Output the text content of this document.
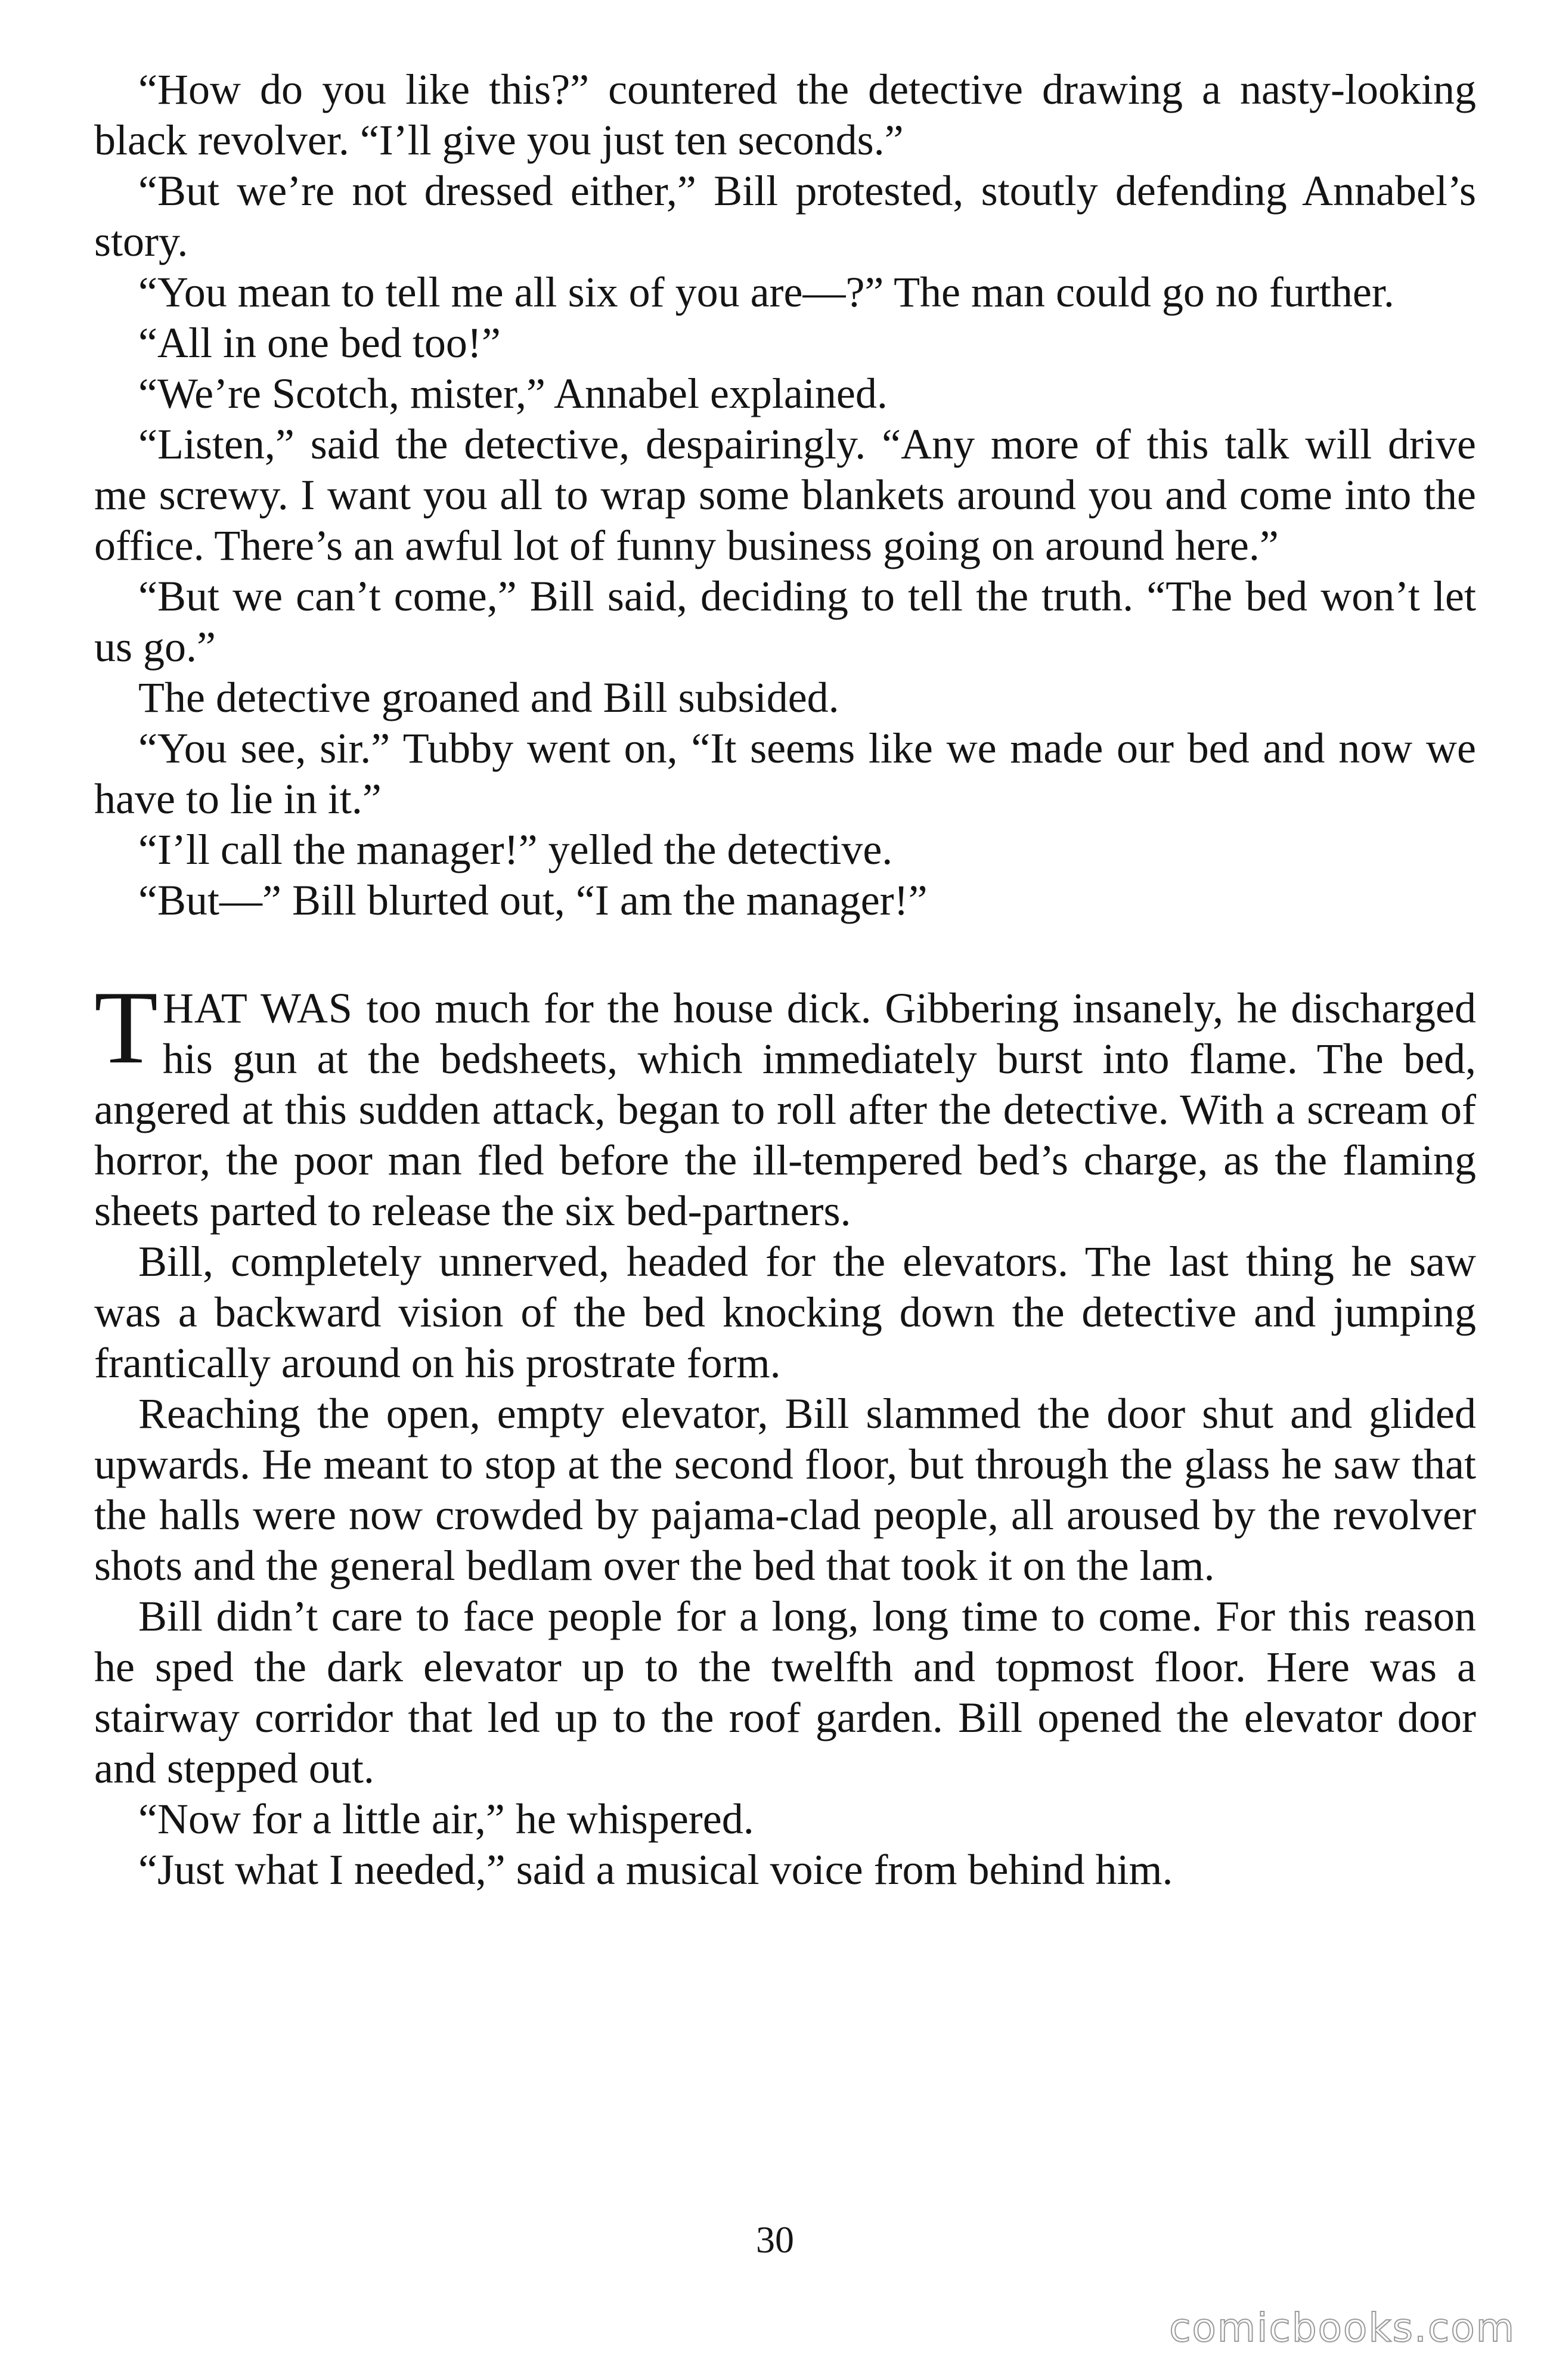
“How do you like this?” countered the detective drawing a nasty-looking black revolver. “I’ll give you just ten seconds.”

“But we’re not dressed either,” Bill protested, stoutly defending Annabel’s story.

“You mean to tell me all six of you are—?” The man could go no further.

“All in one bed too!”

“We’re Scotch, mister,” Annabel explained.

“Listen,” said the detective, despairingly. “Any more of this talk will drive me screwy. I want you all to wrap some blankets around you and come into the office. There’s an awful lot of funny business going on around here.”

“But we can’t come,” Bill said, deciding to tell the truth. “The bed won’t let us go.”

The detective groaned and Bill subsided.

“You see, sir.” Tubby went on, “It seems like we made our bed and now we have to lie in it.”

“I’ll call the manager!” yelled the detective.

“But—” Bill blurted out, “I am the manager!”

THAT WAS too much for the house dick. Gibbering insanely, he discharged his gun at the bedsheets, which immediately burst into flame. The bed, angered at this sudden attack, began to roll after the detective. With a scream of horror, the poor man fled before the ill-tempered bed’s charge, as the flaming sheets parted to release the six bed-partners.

Bill, completely unnerved, headed for the elevators. The last thing he saw was a backward vision of the bed knocking down the detective and jumping frantically around on his prostrate form.

Reaching the open, empty elevator, Bill slammed the door shut and glided upwards. He meant to stop at the second floor, but through the glass he saw that the halls were now crowded by pajama-clad people, all aroused by the revolver shots and the general bedlam over the bed that took it on the lam.

Bill didn’t care to face people for a long, long time to come. For this reason he sped the dark elevator up to the twelfth and topmost floor. Here was a stairway corridor that led up to the roof garden. Bill opened the elevator door and stepped out.

“Now for a little air,” he whispered.

“Just what I needed,” said a musical voice from behind him.

30
comicbooks.com
